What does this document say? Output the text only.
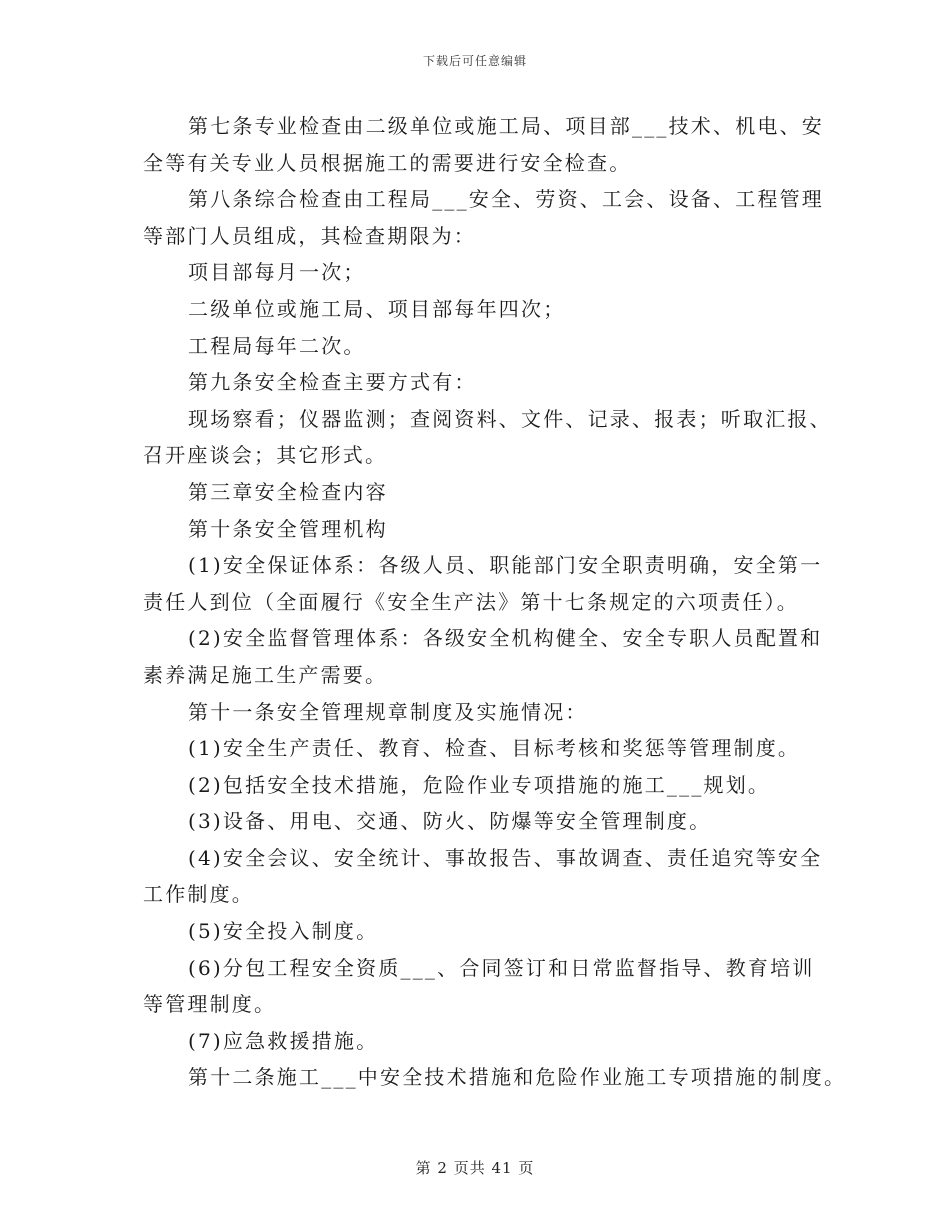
下载后可任意编辑

第七条专业检查由二级单位或施工局、项目部___技术、机电、安

全等有关专业人员根据施工的需要进行安全检查。

第八条综合检查由工程局___安全、劳资、工会、设备、工程管理

等部门人员组成，其检查期限为：

项目部每月一次；

二级单位或施工局、项目部每年四次；

工程局每年二次。

第九条安全检查主要方式有：

现场察看；仪器监测；查阅资料、文件、记录、报表；听取汇报、

召开座谈会；其它形式。

第三章安全检查内容

第十条安全管理机构

(1)安全保证体系：各级人员、职能部门安全职责明确，安全第一

责任人到位（全面履行《安全生产法》第十七条规定的六项责任）。

(2)安全监督管理体系：各级安全机构健全、安全专职人员配置和

素养满足施工生产需要。

第十一条安全管理规章制度及实施情况：

(1)安全生产责任、教育、检查、目标考核和奖惩等管理制度。

(2)包括安全技术措施，危险作业专项措施的施工___规划。

(3)设备、用电、交通、防火、防爆等安全管理制度。

(4)安全会议、安全统计、事故报告、事故调查、责任追究等安全

工作制度。

(5)安全投入制度。

(6)分包工程安全资质___、合同签订和日常监督指导、教育培训

等管理制度。

(7)应急救援措施。

第十二条施工___中安全技术措施和危险作业施工专项措施的制度。

第 2 页共 41 页
